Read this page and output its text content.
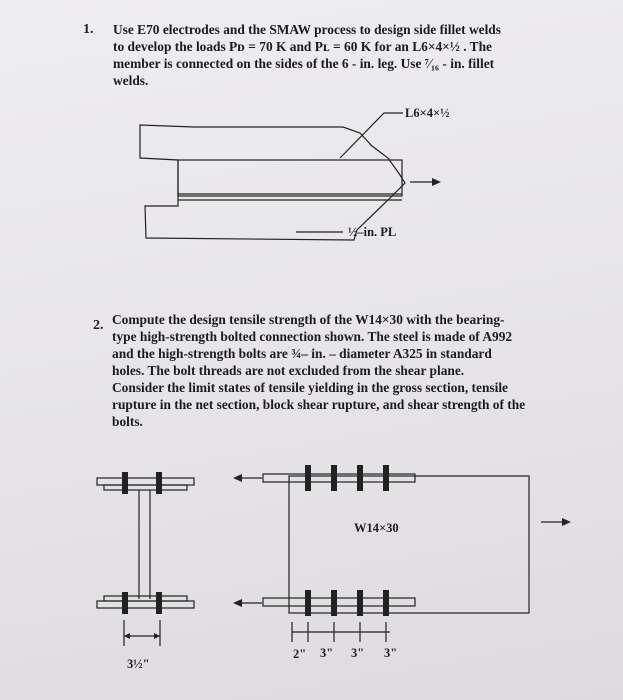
1. Use E70 electrodes and the SMAW process to design side fillet welds
to develop the loads Pᴅ = 70 K and Pʟ = 60 K for an L6×4×½ . The
member is connected on the sides of the 6 - in. leg. Use ⁷⁄₁₆ - in. fillet
welds.
L6×4×½
½–in. PL
2. Compute the design tensile strength of the W14×30 with the bearing-
type high-strength bolted connection shown. The steel is made of A992
and the high-strength bolts are ¾– in. – diameter A325 in standard
holes. The bolt threads are not excluded from the shear plane.
Consider the limit states of tensile yielding in the gross section, tensile
rupture in the net section, block shear rupture, and shear strength of the
bolts.
3½"
W14×30
2" 3" 3" 3"
